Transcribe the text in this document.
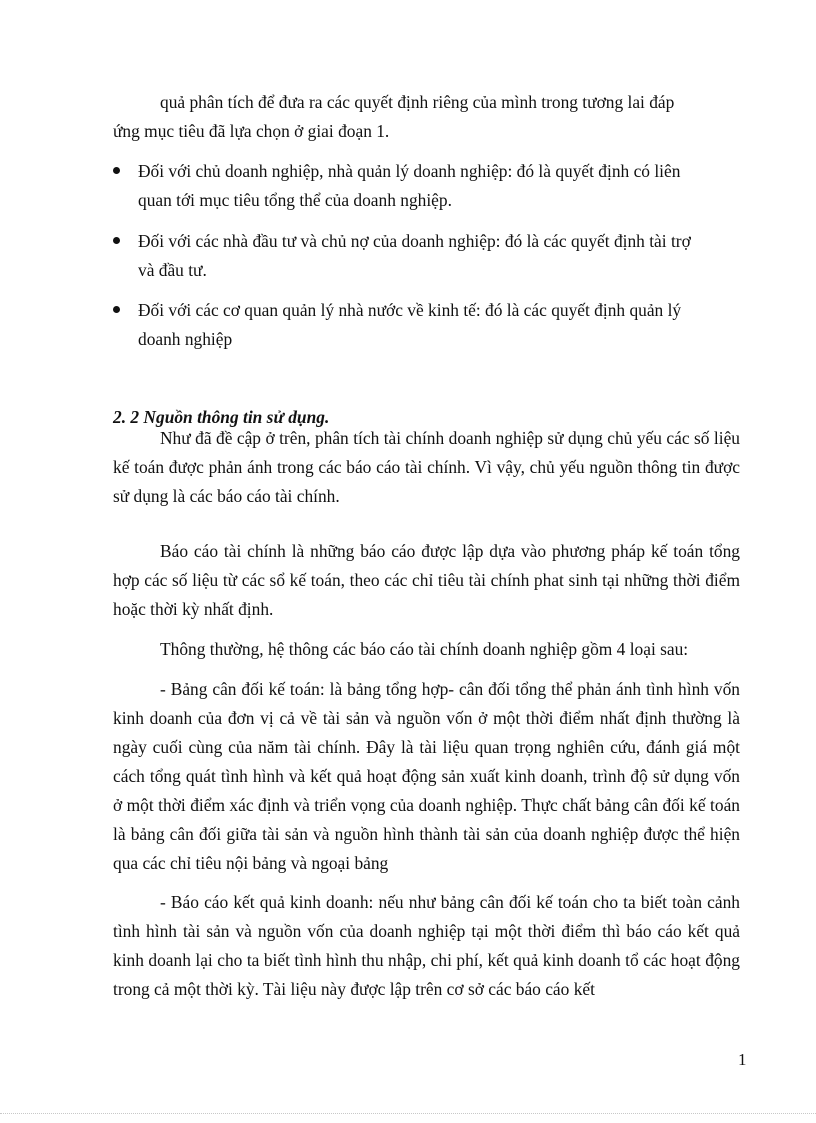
quả phân tích để đưa ra các quyết định riêng của mình trong tương lai đáp
ứng mục tiêu đã lựa chọn ở giai đoạn 1.
Đối với chủ doanh nghiệp, nhà quản lý doanh nghiệp: đó là quyết định có liên
quan tới mục tiêu tổng thể của doanh nghiệp.
Đối với các nhà đầu tư và chủ nợ của doanh nghiệp: đó là các quyết định tài trợ
và đầu tư.
Đối với các cơ quan quản lý nhà nước về kinh tế: đó là các quyết định quản lý
doanh nghiệp
2. 2 Nguồn thông tin sử dụng.

Như đã đề cập ở trên, phân tích tài chính doanh nghiệp sử dụng chủ yếu các số liệu kế toán được phản ánh trong các báo cáo tài chính. Vì vậy, chủ yếu nguồn thông tin được sử dụng là các báo cáo tài chính.

Báo cáo tài chính là những báo cáo được lập dựa vào phương pháp kế toán tổng hợp các số liệu từ các sổ kế toán, theo các chỉ tiêu tài chính phat sinh tại những thời điểm hoặc thời kỳ nhất định.

Thông thường, hệ thông các báo cáo tài chính doanh nghiệp gồm 4 loại sau:

- Bảng cân đối kế toán: là bảng tổng hợp- cân đối tổng thể phản ánh tình hình vốn kinh doanh của đơn vị cả về tài sản và nguồn vốn ở một thời điểm nhất định thường là ngày cuối cùng của năm tài chính. Đây là tài liệu quan trọng nghiên cứu, đánh giá một cách tổng quát tình hình và kết quả hoạt động sản xuất kinh doanh, trình độ sử dụng vốn ở một thời điểm xác định và triển vọng của doanh nghiệp. Thực chất bảng cân đối kế toán là bảng cân đối giữa tài sản và nguồn hình thành tài sản của doanh nghiệp được thể hiện qua các chỉ tiêu nội bảng và ngoại bảng

- Báo cáo kết quả kinh doanh: nếu như bảng cân đối kế toán cho ta biết toàn cảnh tình hình tài sản và nguồn vốn của doanh nghiệp tại một thời điểm thì báo cáo kết quả kinh doanh lại cho ta biết tình hình thu nhập, chi phí, kết quả kinh doanh tổ các hoạt động trong cả một thời kỳ. Tài liệu này được lập trên cơ sở các báo cáo kết

1
